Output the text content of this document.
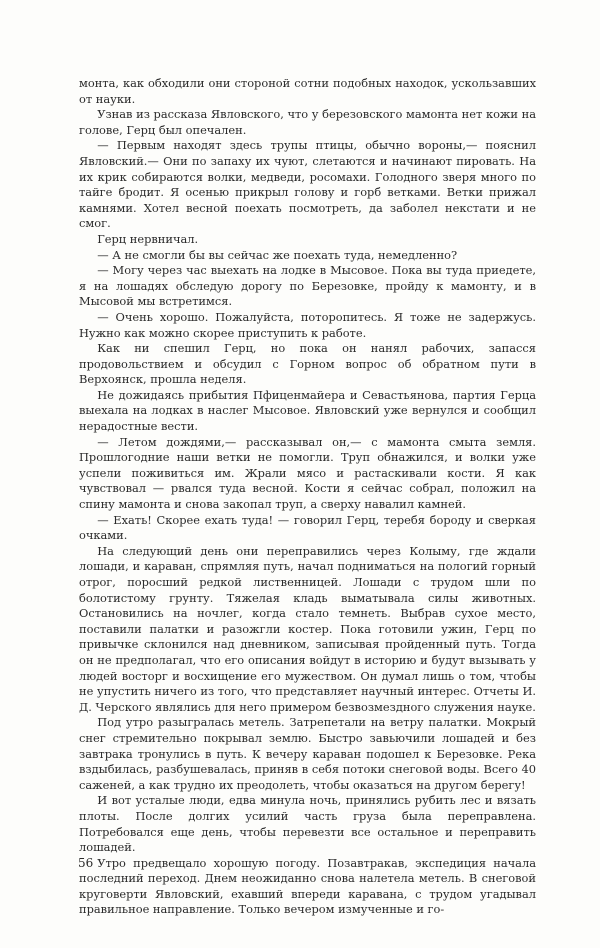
монта, как обходили они стороной сотни подобных находок, ускользавших от науки.

Узнав из рассказа Явловского, что у березовского мамонта нет кожи на голове, Герц был опечален.

— Первым находят здесь трупы птицы, обычно вороны,— пояснил Явловский.— Они по запаху их чуют, слетаются и начинают пировать. На их крик собираются волки, медведи, росомахи. Голодного зверя много по тайге бродит. Я осенью прикрыл голову и горб ветками. Ветки прижал камнями. Хотел весной поехать посмотреть, да заболел некстати и не смог.

Герц нервничал.

— А не смогли бы вы сейчас же поехать туда, немедленно?

— Могу через час выехать на лодке в Мысовое. Пока вы туда приедете, я на лошадях обследую дорогу по Березовке, пройду к мамонту, и в Мысовой мы встретимся.

— Очень хорошо. Пожалуйста, поторопитесь. Я тоже не задержусь. Нужно как можно скорее приступить к работе.

Как ни спешил Герц, но пока он нанял рабочих, запасся продовольствием и обсудил с Горном вопрос об обратном пути в Верхоянск, прошла неделя.

Не дожидаясь прибытия Пфиценмайера и Севастьянова, партия Герца выехала на лодках в наслег Мысовое. Явловский уже вернулся и сообщил нерадостные вести.

— Летом дождями,— рассказывал он,— с мамонта смыта земля. Прошлогодние наши ветки не помогли. Труп обнажился, и волки уже успели поживиться им. Жрали мясо и растаскивали кости. Я как чувствовал — рвался туда весной. Кости я сейчас собрал, положил на спину мамонта и снова закопал труп, а сверху навалил камней.

— Ехать! Скорее ехать туда! — говорил Герц, теребя бороду и сверкая очками.

На следующий день они переправились через Колыму, где ждали лошади, и караван, спрямляя путь, начал подниматься на пологий горный отрог, поросший редкой лиственницей. Лошади с трудом шли по болотистому грунту. Тяжелая кладь выматывала силы животных. Остановились на ночлег, когда стало темнеть. Выбрав сухое место, поставили палатки и разожгли костер. Пока готовили ужин, Герц по привычке склонился над дневником, записывая пройденный путь. Тогда он не предполагал, что его описания войдут в историю и будут вызывать у людей восторг и восхищение его мужеством. Он думал лишь о том, чтобы не упустить ничего из того, что представляет научный интерес. Отчеты И. Д. Черского являлись для него примером безвозмездного служения науке.

Под утро разыгралась метель. Затрепетали на ветру палатки. Мокрый снег стремительно покрывал землю. Быстро завьючили лошадей и без завтрака тронулись в путь. К вечеру караван подошел к Березовке. Река вздыбилась, разбушевалась, приняв в себя потоки снеговой воды. Всего 40 саженей, а как трудно их преодолеть, чтобы оказаться на другом берегу!

И вот усталые люди, едва минула ночь, принялись рубить лес и вязать плоты. После долгих усилий часть груза была переправлена. Потребовался еще день, чтобы перевезти все остальное и переправить лошадей.

Утро предвещало хорошую погоду. Позавтракав, экспедиция начала последний переход. Днем неожиданно снова налетела метель. В снеговой круговерти Явловский, ехавший впереди каравана, с трудом угадывал правильное направление. Только вечером измученные и го-

56
